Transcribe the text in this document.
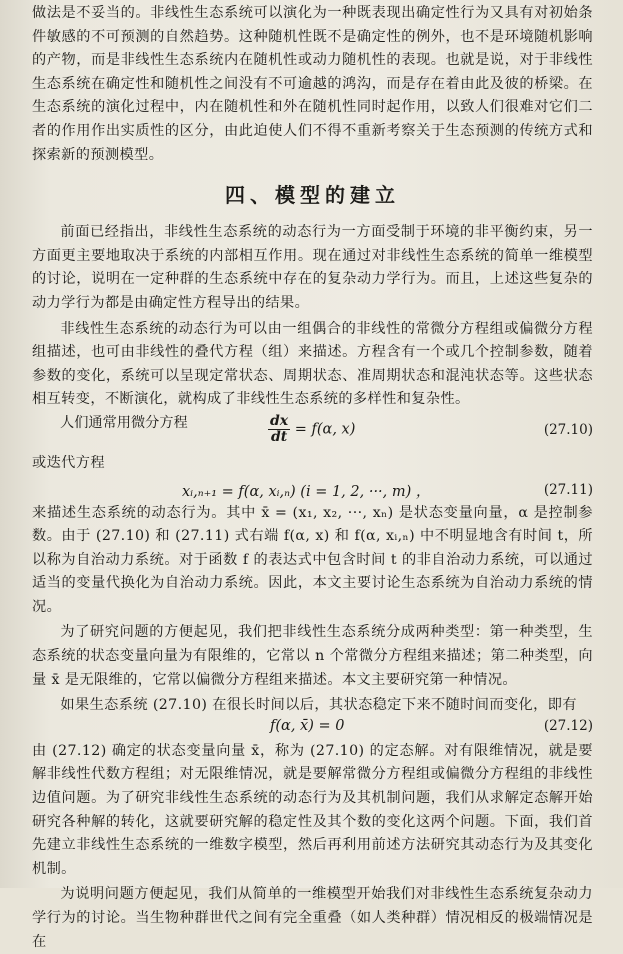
做法是不妥当的。非线性生态系统可以演化为一种既表现出确定性行为又具有对初始条件敏感的不可预测的自然趋势。这种随机性既不是确定性的例外，也不是环境随机影响的产物，而是非线性生态系统内在随机性或动力随机性的表现。也就是说，对于非线性生态系统在确定性和随机性之间没有不可逾越的鸿沟，而是存在着由此及彼的桥梁。在生态系统的演化过程中，内在随机性和外在随机性同时起作用，以致人们很难对它们二者的作用作出实质性的区分，由此迫使人们不得不重新考察关于生态预测的传统方式和探索新的预测模型。

四、模型的建立

前面已经指出，非线性生态系统的动态行为一方面受制于环境的非平衡约束，另一方面更主要地取决于系统的内部相互作用。现在通过对非线性生态系统的简单一维模型的讨论，说明在一定种群的生态系统中存在的复杂动力学行为。而且，上述这些复杂的动力学行为都是由确定性方程导出的结果。

非线性生态系统的动态行为可以由一组偶合的非线性的常微分方程组或偏微分方程组描述，也可由非线性的叠代方程（组）来描述。方程含有一个或几个控制参数，随着参数的变化，系统可以呈现定常状态、周期状态、准周期状态和混沌状态等。这些状态相互转变，不断演化，就构成了非线性生态系统的多样性和复杂性。

人们通常用微分方程	$\frac{dx}{dt} = f(\alpha$, x)	(27.10)

或迭代方程

xᵢ,ₙ₊₁ = f(α, xᵢ,ₙ) (i = 1, 2, ···, m) ，	(27.11)

来描述生态系统的动态行为。其中 x̄ = (x₁, x₂, ···, xₙ) 是状态变量向量，α 是控制参数。由于 (27.10) 和 (27.11) 式右端 f(α, x) 和 f(α, xᵢ,ₙ) 中不明显地含有时间 t，所以称为自治动力系统。对于函数 f 的表达式中包含时间 t 的非自治动力系统，可以通过适当的变量代换化为自治动力系统。因此，本文主要讨论生态系统为自治动力系统的情况。

为了研究问题的方便起见，我们把非线性生态系统分成两种类型：第一种类型，生态系统的状态变量向量为有限维的，它常以 n 个常微分方程组来描述；第二种类型，向量 x̄ 是无限维的，它常以偏微分方程组来描述。本文主要研究第一种情况。

如果生态系统 (27.10) 在很长时间以后，其状态稳定下来不随时间而变化，即有

f(α, x̄) = 0	(27.12)

由 (27.12) 确定的状态变量向量 x̄，称为 (27.10) 的定态解。对有限维情况，就是要解非线性代数方程组；对无限维情况，就是要解常微分方程组或偏微分方程组的非线性边值问题。为了研究非线性生态系统的动态行为及其机制问题，我们从求解定态解开始研究各种解的转化，这就要研究解的稳定性及其个数的变化这两个问题。下面，我们首先建立非线性生态系统的一维数字模型，然后再利用前述方法研究其动态行为及其变化机制。

为说明问题方便起见，我们从简单的一维模型开始我们对非线性生态系统复杂动力学行为的讨论。当生物种群世代之间有完全重叠（如人类种群）情况相反的极端情况是在
